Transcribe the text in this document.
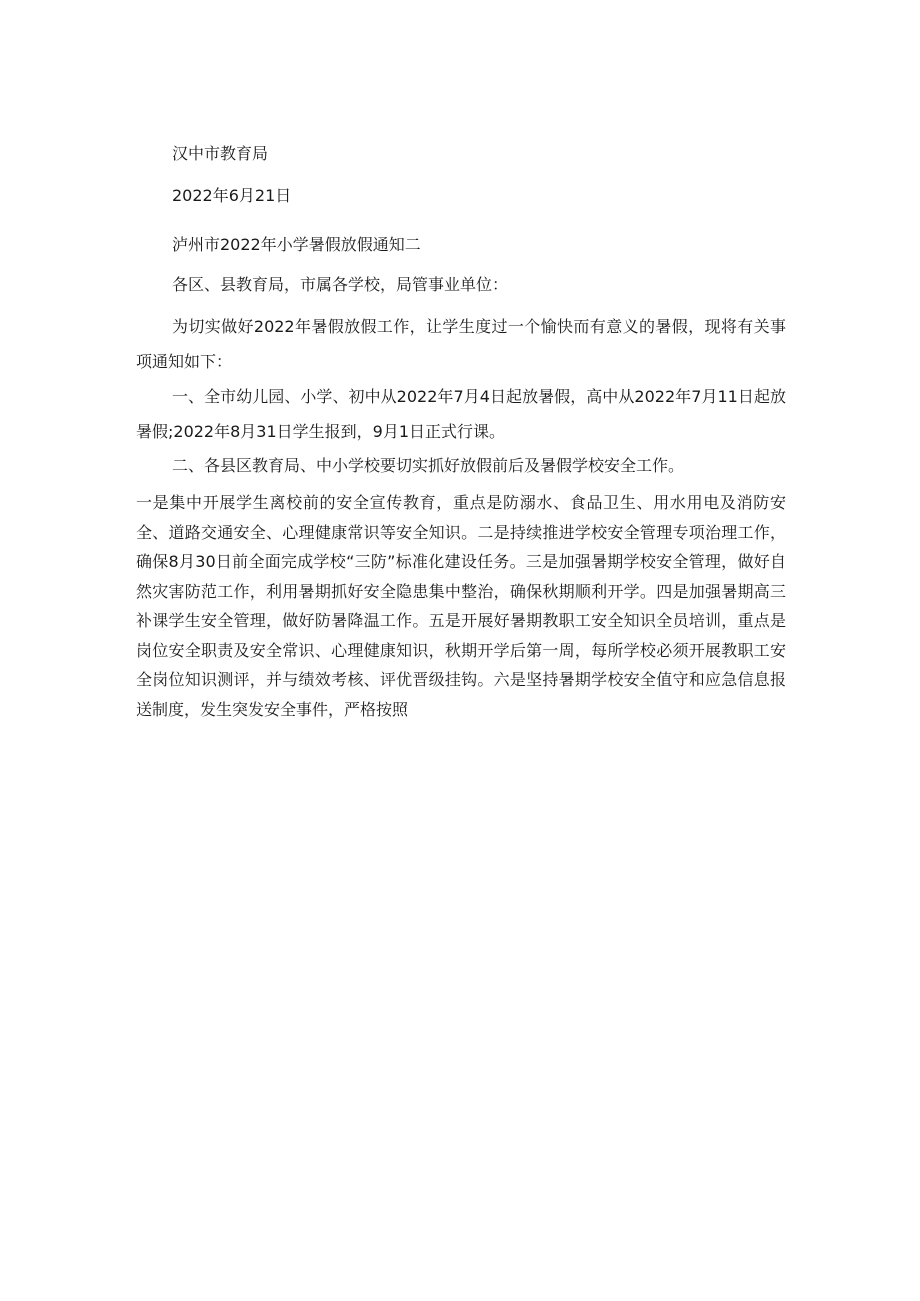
汉中市教育局

2022年6月21日

泸州市2022年小学暑假放假通知二

各区、县教育局，市属各学校，局管事业单位：

为切实做好2022年暑假放假工作，让学生度过一个愉快而有意义的暑假，现将有关事项通知如下：

一、全市幼儿园、小学、初中从2022年7月4日起放暑假，高中从2022年7月11日起放暑假;2022年8月31日学生报到，9月1日正式行课。

二、各县区教育局、中小学校要切实抓好放假前后及暑假学校安全工作。

一是集中开展学生离校前的安全宣传教育，重点是防溺水、食品卫生、用水用电及消防安全、道路交通安全、心理健康常识等安全知识。二是持续推进学校安全管理专项治理工作，确保8月30日前全面完成学校“三防”标准化建设任务。三是加强暑期学校安全管理，做好自然灾害防范工作，利用暑期抓好安全隐患集中整治，确保秋期顺利开学。四是加强暑期高三补课学生安全管理，做好防暑降温工作。五是开展好暑期教职工安全知识全员培训，重点是岗位安全职责及安全常识、心理健康知识，秋期开学后第一周，每所学校必须开展教职工安全岗位知识测评，并与绩效考核、评优晋级挂钩。六是坚持暑期学校安全值守和应急信息报送制度，发生突发安全事件，严格按照
